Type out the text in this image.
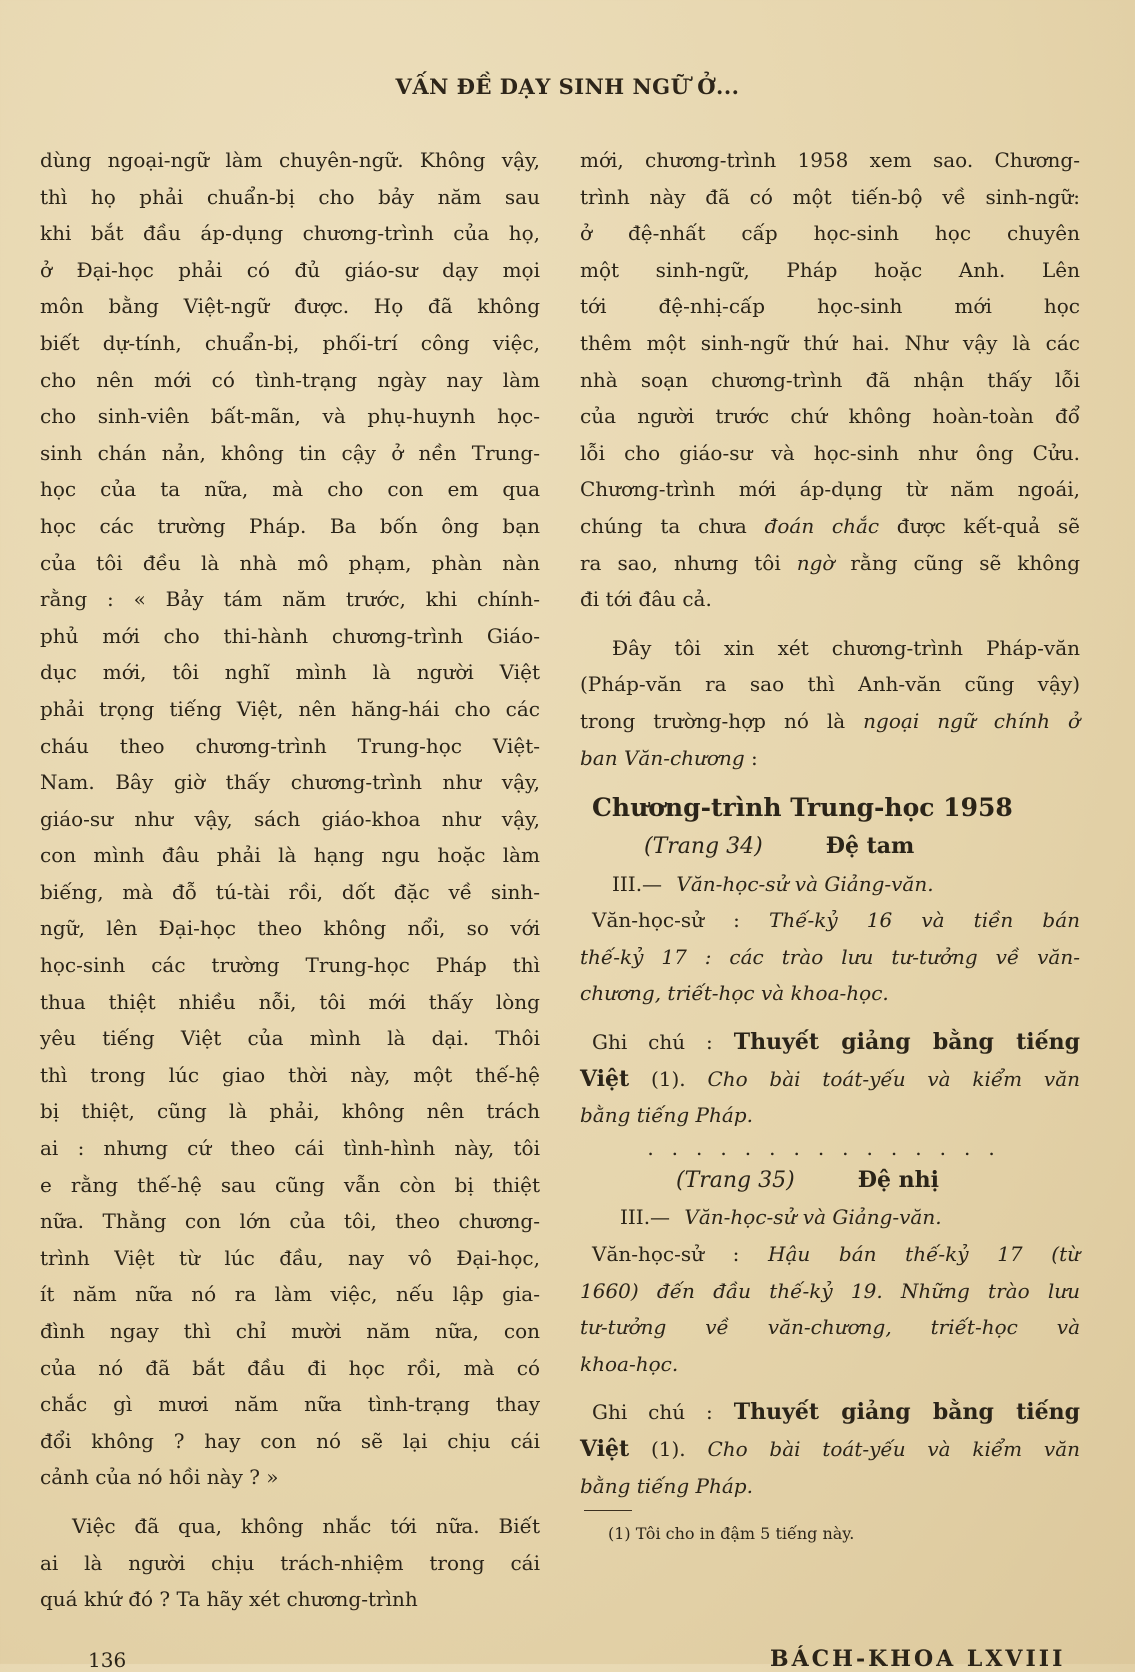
VẤN ĐỀ DẠY SINH NGỮ Ở...

dùng ngoại-ngữ làm chuyên-ngữ. Không vậy,
thì họ phải chuẩn-bị cho bảy năm sau
khi bắt đầu áp-dụng chương-trình của họ,
ở Đại-học phải có đủ giáo-sư dạy mọi
môn bằng Việt-ngữ được. Họ đã không
biết dự-tính, chuẩn-bị, phối-trí công việc,
cho nên mới có tình-trạng ngày nay làm
cho sinh-viên bất-mãn, và phụ-huynh học-
sinh chán nản, không tin cậy ở nền Trung-
học của ta nữa, mà cho con em qua
học các trường Pháp. Ba bốn ông bạn
của tôi đều là nhà mô phạm, phàn nàn
rằng : « Bảy tám năm trước, khi chính-
phủ mới cho thi-hành chương-trình Giáo-
dục mới, tôi nghĩ mình là người Việt
phải trọng tiếng Việt, nên hăng-hái cho các
cháu theo chương-trình Trung-học Việt-
Nam. Bây giờ thấy chương-trình như vậy,
giáo-sư như vậy, sách giáo-khoa như vậy,
con mình đâu phải là hạng ngu hoặc làm
biếng, mà đỗ tú-tài rồi, dốt đặc về sinh-
ngữ, lên Đại-học theo không nổi, so với
học-sinh các trường Trung-học Pháp thì
thua thiệt nhiều nỗi, tôi mới thấy lòng
yêu tiếng Việt của mình là dại. Thôi
thì trong lúc giao thời này, một thế-hệ
bị thiệt, cũng là phải, không nên trách
ai : nhưng cứ theo cái tình-hình này, tôi
e rằng thế-hệ sau cũng vẫn còn bị thiệt
nữa. Thằng con lớn của tôi, theo chương-
trình Việt từ lúc đầu, nay vô Đại-học,
ít năm nữa nó ra làm việc, nếu lập gia-
đình ngay thì chỉ mười năm nữa, con
của nó đã bắt đầu đi học rồi, mà có
chắc gì mươi năm nữa tình-trạng thay
đổi không ? hay con nó sẽ lại chịu cái
cảnh của nó hồi này ? »

Việc đã qua, không nhắc tới nữa. Biết
ai là người chịu trách-nhiệm trong cái
quá khứ đó ? Ta hãy xét chương-trình

mới, chương-trình 1958 xem sao. Chương-
trình này đã có một tiến-bộ về sinh-ngữ:
ở đệ-nhất cấp học-sinh học chuyên
một sinh-ngữ, Pháp hoặc Anh. Lên
tới đệ-nhị-cấp học-sinh mới học
thêm một sinh-ngữ thứ hai. Như vậy là các
nhà soạn chương-trình đã nhận thấy lỗi
của người trước chứ không hoàn-toàn đổ
lỗi cho giáo-sư và học-sinh như ông Cửu.
Chương-trình mới áp-dụng từ năm ngoái,

chúng ta chưa đoán chắc được kết-quả sẽ
ra sao, nhưng tôi ngờ rằng cũng sẽ không
đi tới đâu cả.

Đây tôi xin xét chương-trình Pháp-văn
(Pháp-văn ra sao thì Anh-văn cũng vậy)
trong trường-hợp nó là ngoại ngữ chính ở
ban Văn-chương :

Chương-trình Trung-học 1958
(Trang 34)	Đệ tam
III.— Văn-học-sử và Giảng-văn.
Văn-học-sử : Thế-kỷ 16 và tiền bán
thế-kỷ 17 : các trào lưu tư-tưởng về văn-
chương, triết-học và khoa-học.
Ghi chú : Thuyết giảng bằng tiếng
Việt (1). Cho bài toát-yếu và kiểm văn
bằng tiếng Pháp.
...............
(Trang 35)	Đệ nhị
III.— Văn-học-sử và Giảng-văn.
Văn-học-sử : Hậu bán thế-kỷ 17 (từ
1660) đến đầu thế-kỷ 19. Những trào lưu
tư-tưởng về văn-chương, triết-học và
khoa-học.
Ghi chú : Thuyết giảng bằng tiếng
Việt (1). Cho bài toát-yếu và kiểm văn
bằng tiếng Pháp.
(1) Tôi cho in đậm 5 tiếng này.
136	BÁCH-KHOA LXVIII
